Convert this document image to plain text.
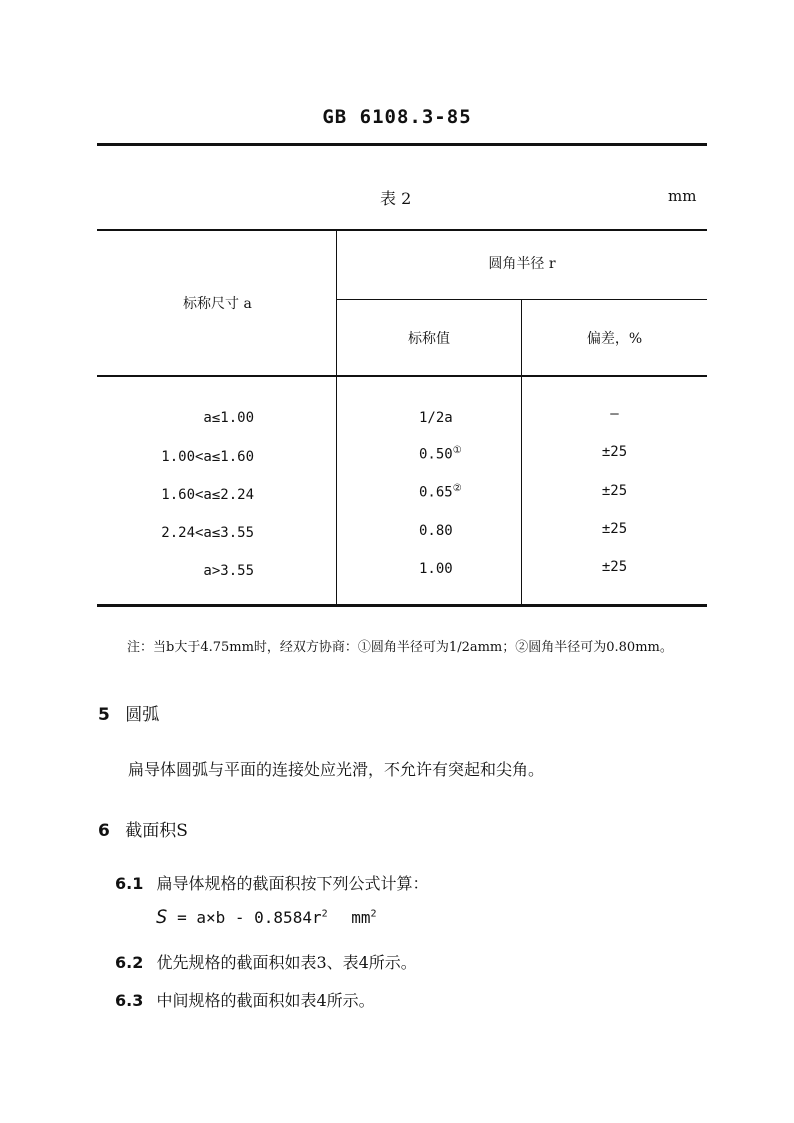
GB 6108.3-85
表 2	mm
标称尺寸 a
圆角半径 r
标称值	偏差，%
a≤1.00	1/2a	—
1.00<a≤1.60	0.50①	±25
1.60<a≤2.24	0.65②	±25
2.24<a≤3.55	0.80	±25
a>3.55	1.00	±25
注：当b大于4.75mm时，经双方协商：①圆角半径可为1/2amm；②圆角半径可为0.80mm。
5 圆弧
扁导体圆弧与平面的连接处应光滑，不允许有突起和尖角。
6 截面积S
6.1 扁导体规格的截面积按下列公式计算：
$S = a\times b - 0.8584r^2$ $mm^2$
6.2 优先规格的截面积如表3、表4所示。
6.3 中间规格的截面积如表4所示。
